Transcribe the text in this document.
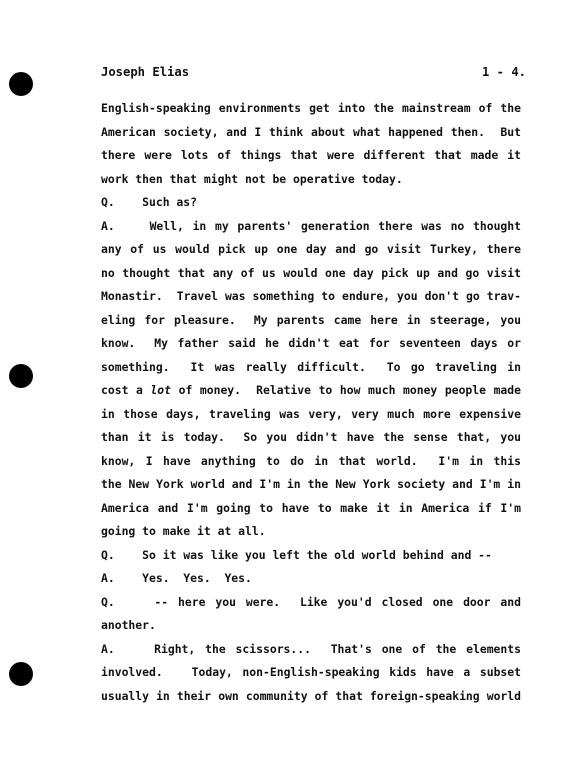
Joseph Elias	1 - 4.
English-speaking environments get into the mainstream of the
American society, and I think about what happened then.  But
there were lots of things that were different that made it
work then that might not be operative today.
Q.    Such as?
A.    Well, in my parents' generation there was no thought
any of us would pick up one day and go visit Turkey, there
no thought that any of us would one day pick up and go visit
Monastir.  Travel was something to endure, you don't go trav-
eling for pleasure.  My parents came here in steerage, you
know.  My father said he didn't eat for seventeen days or
something.  It was really difficult.  To go traveling in
cost a lot of money.  Relative to how much money people made
in those days, traveling was very, very much more expensive
than it is today.  So you didn't have the sense that, you
know, I have anything to do in that world.  I'm in this
the New York world and I'm in the New York society and I'm in
America and I'm going to have to make it in America if I'm
going to make it at all.
Q.    So it was like you left the old world behind and --
A.    Yes.  Yes.  Yes.
Q.    -- here you were.  Like you'd closed one door and
another.
A.    Right, the scissors...  That's one of the elements
involved.   Today, non-English-speaking kids have a subset
usually in their own community of that foreign-speaking world
